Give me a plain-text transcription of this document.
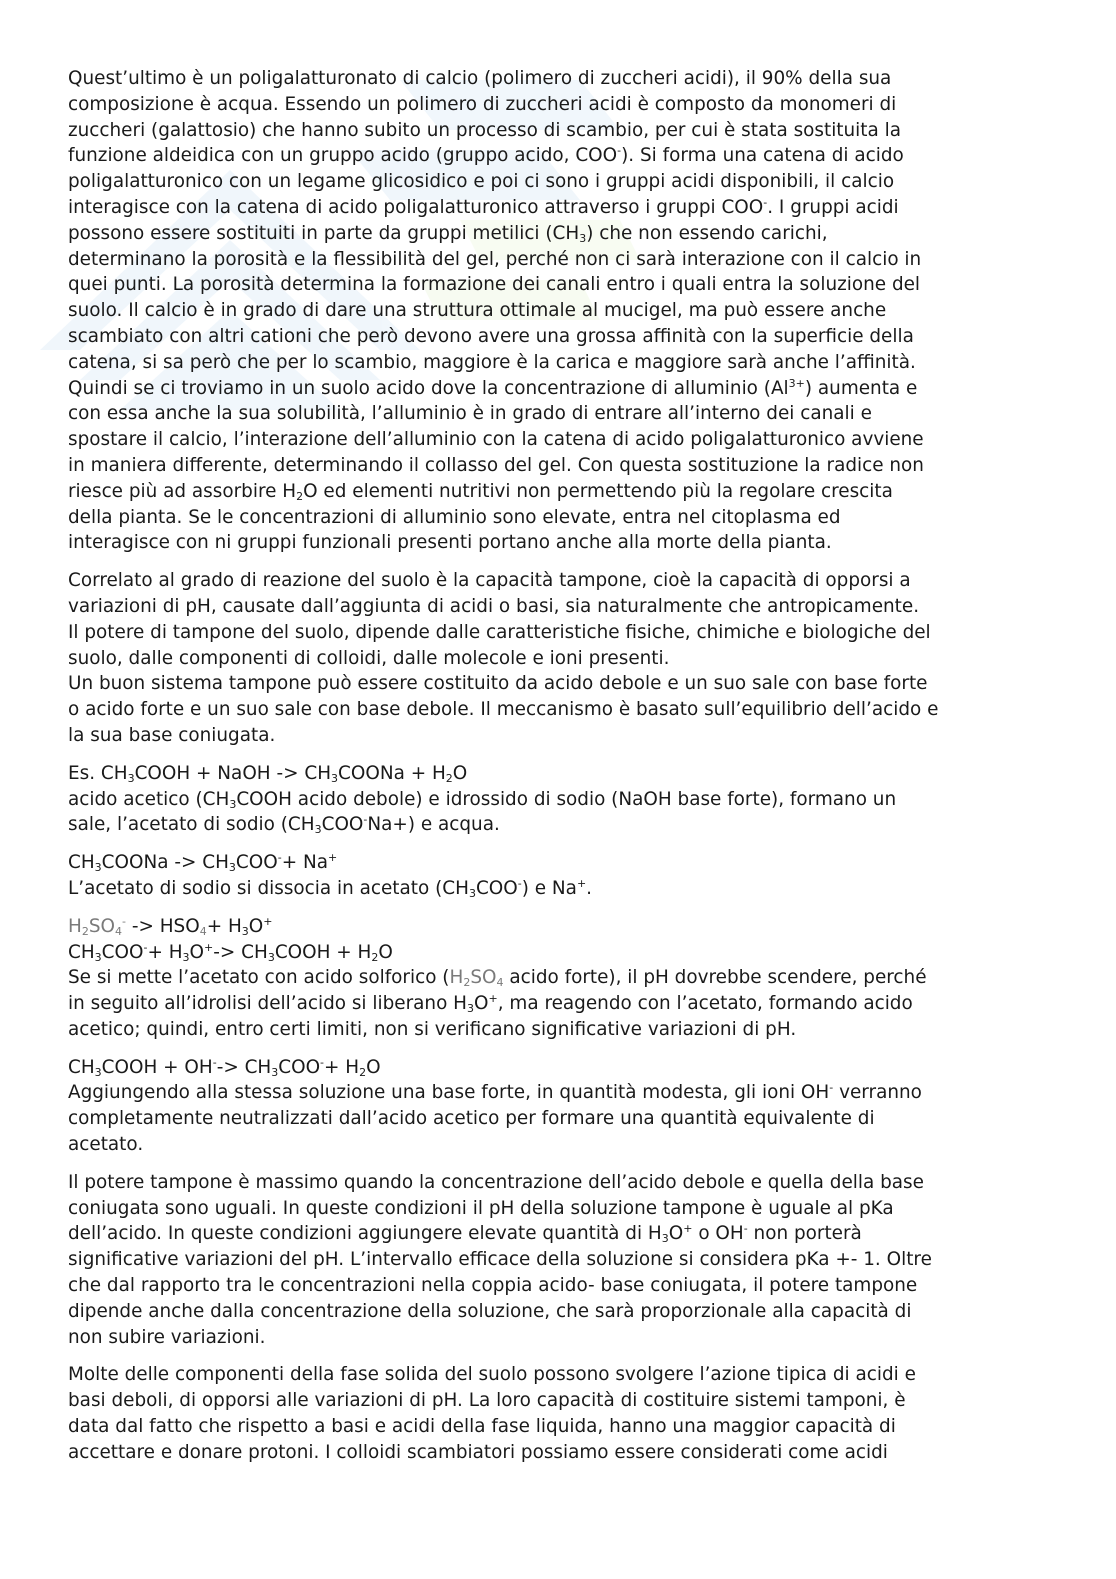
Quest’ultimo è un poligalatturonato di calcio (polimero di zuccheri acidi), il 90% della sua
composizione è acqua. Essendo un polimero di zuccheri acidi è composto da monomeri di
zuccheri (galattosio) che hanno subito un processo di scambio, per cui è stata sostituita la
funzione aldeidica con un gruppo acido (gruppo acido, COO-). Si forma una catena di acido
poligalatturonico con un legame glicosidico e poi ci sono i gruppi acidi disponibili, il calcio
interagisce con la catena di acido poligalatturonico attraverso i gruppi COO-. I gruppi acidi
possono essere sostituiti in parte da gruppi metilici $(CH_3)$ che non essendo carichi,
determinano la porosità e la flessibilità del gel, perché non ci sarà interazione con il calcio in
quei punti. La porosità determina la formazione dei canali entro i quali entra la soluzione del
suolo. Il calcio è in grado di dare una struttura ottimale al mucigel, ma può essere anche
scambiato con altri cationi che però devono avere una grossa affinità con la superficie della
catena, si sa però che per lo scambio, maggiore è la carica e maggiore sarà anche l’affinità.
Quindi se ci troviamo in un suolo acido dove la concentrazione di alluminio $(Al^{3+})$ aumenta e
con essa anche la sua solubilità, l’alluminio è in grado di entrare all’interno dei canali e
spostare il calcio, l’interazione dell’alluminio con la catena di acido poligalatturonico avviene
in maniera differente, determinando il collasso del gel. Con questa sostituzione la radice non
riesce più ad assorbire $H_2O$ ed elementi nutritivi non permettendo più la regolare crescita
della pianta. Se le concentrazioni di alluminio sono elevate, entra nel citoplasma ed
interagisce con ni gruppi funzionali presenti portano anche alla morte della pianta.

Correlato al grado di reazione del suolo è la capacità tampone, cioè la capacità di opporsi a
variazioni di pH, causate dall’aggiunta di acidi o basi, sia naturalmente che antropicamente.
Il potere di tampone del suolo, dipende dalle caratteristiche fisiche, chimiche e biologiche del
suolo, dalle componenti di colloidi, dalle molecole e ioni presenti.
Un buon sistema tampone può essere costituito da acido debole e un suo sale con base forte
o acido forte e un suo sale con base debole. Il meccanismo è basato sull’equilibrio dell’acido e
la sua base coniugata.

Es. $CH_3COOH$ + NaOH -> $CH_3COONa + H_2O$
acido acetico ($CH_3COOH$ acido debole) e idrossido di sodio (NaOH base forte), formano un
sale, l’acetato di sodio $(CH_3COO^-Na+)$ e acqua.

$CH_3COONa -> CH_3COO^-+ Na^+$
L’acetato di sodio si dissocia in acetato $(CH_3COO^-)$ e Na+.

$H_2SO_4^- -> HSO_4+ H_3O^+$
$CH_3COO^-+ H_3O^+->$ $CH_3COOH + H_2O$
Se si mette l’acetato con acido solforico ($H_2SO_4$ acido forte), il pH dovrebbe scendere, perché
in seguito all’idrolisi dell’acido si liberano $H_3O^+$, ma reagendo con l’acetato, formando acido
acetico; quindi, entro certi limiti, non si verificano significative variazioni di pH.

$CH_3COOH + OH^--> CH_3COO^-+ H_2O$
Aggiungendo alla stessa soluzione una base forte, in quantità modesta, gli ioni OH- verranno
completamente neutralizzati dall’acido acetico per formare una quantità equivalente di
acetato.

Il potere tampone è massimo quando la concentrazione dell’acido debole e quella della base
coniugata sono uguali. In queste condizioni il pH della soluzione tampone è uguale al pKa
dell’acido. In queste condizioni aggiungere elevate quantità di $H_3O^+$ o OH- non porterà
significative variazioni del pH. L’intervallo efficace della soluzione si considera pKa +- 1. Oltre
che dal rapporto tra le concentrazioni nella coppia acido- base coniugata, il potere tampone
dipende anche dalla concentrazione della soluzione, che sarà proporzionale alla capacità di
non subire variazioni.

Molte delle componenti della fase solida del suolo possono svolgere l’azione tipica di acidi e
basi deboli, di opporsi alle variazioni di pH. La loro capacità di costituire sistemi tamponi, è
data dal fatto che rispetto a basi e acidi della fase liquida, hanno una maggior capacità di
accettare e donare protoni. I colloidi scambiatori possiamo essere considerati come acidi
